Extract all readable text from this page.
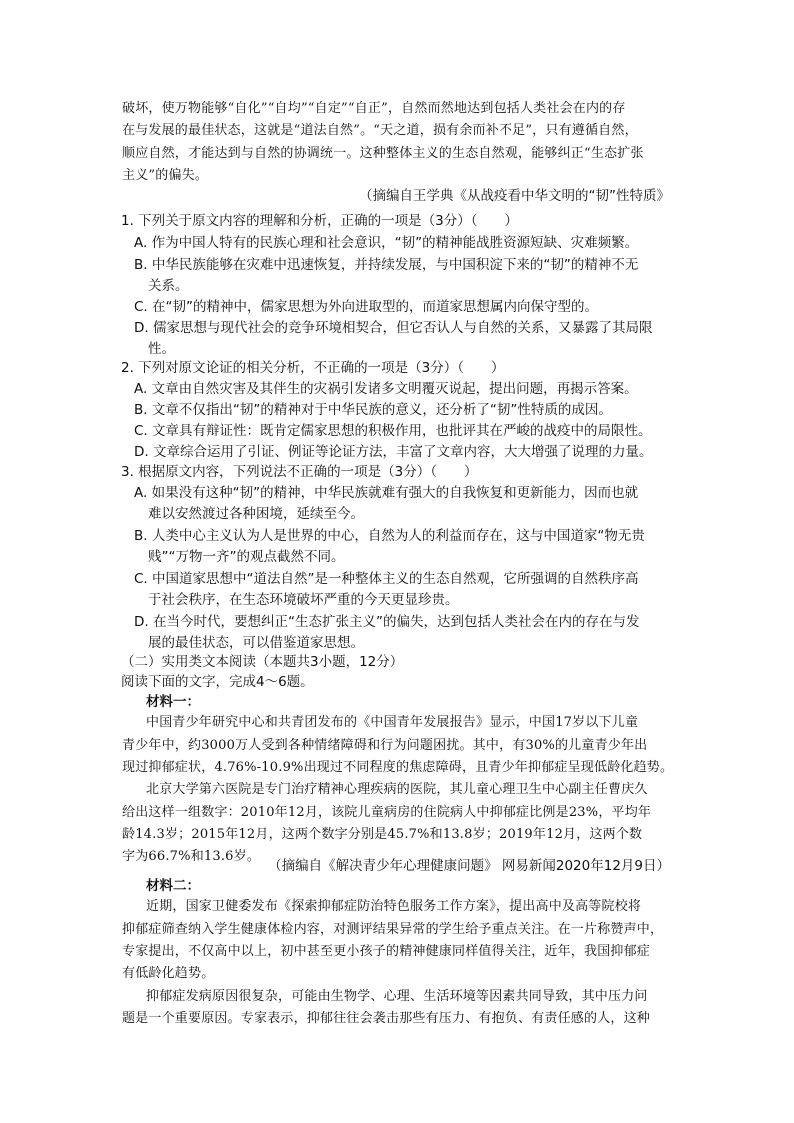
破坏，使万物能够“自化”“自均”“自定”“自正”，自然而然地达到包括人类社会在内的存
在与发展的最佳状态，这就是“道法自然”。“天之道，损有余而补不足”，只有遵循自然，
顺应自然，才能达到与自然的协调统一。这种整体主义的生态自然观，能够纠正“生态扩张
主义”的偏失。
（摘编自王学典《从战疫看中华文明的“韧”性特质》
1. 下列关于原文内容的理解和分析，正确的一项是（3分）（　　）
A. 作为中国人特有的民族心理和社会意识，“韧”的精神能战胜资源短缺、灾难频繁。
B. 中华民族能够在灾难中迅速恢复，并持续发展，与中国积淀下来的“韧”的精神不无
关系。
C. 在“韧”的精神中，儒家思想为外向进取型的，而道家思想属内向保守型的。
D. 儒家思想与现代社会的竞争环境相契合，但它否认人与自然的关系，又暴露了其局限
性。
2. 下列对原文论证的相关分析，不正确的一项是（3分）（　　）
A. 文章由自然灾害及其伴生的灾祸引发诸多文明覆灭说起，提出问题，再揭示答案。
B. 文章不仅指出“韧”的精神对于中华民族的意义，还分析了“韧”性特质的成因。
C. 文章具有辩证性：既肯定儒家思想的积极作用，也批评其在严峻的战疫中的局限性。
D. 文章综合运用了引证、例证等论证方法，丰富了文章内容，大大增强了说理的力量。
3. 根据原文内容，下列说法不正确的一项是（3分）（　　）
A. 如果没有这种“韧”的精神，中华民族就难有强大的自我恢复和更新能力，因而也就
难以安然渡过各种困境，延续至今。
B. 人类中心主义认为人是世界的中心，自然为人的利益而存在，这与中国道家“物无贵
贱”“万物一齐”的观点截然不同。
C. 中国道家思想中“道法自然”是一种整体主义的生态自然观，它所强调的自然秩序高
于社会秩序，在生态环境破坏严重的今天更显珍贵。
D. 在当今时代，要想纠正“生态扩张主义”的偏失，达到包括人类社会在内的存在与发
展的最佳状态，可以借鉴道家思想。
（二）实用类文本阅读（本题共3小题，12分）
阅读下面的文字，完成4～6题。
材料一：
中国青少年研究中心和共青团发布的《中国青年发展报告》显示，中国17岁以下儿童
青少年中，约3000万人受到各种情绪障碍和行为问题困扰。其中，有30%的儿童青少年出
现过抑郁症状，4.76%-10.9%出现过不同程度的焦虑障碍，且青少年抑郁症呈现低龄化趋势。
北京大学第六医院是专门治疗精神心理疾病的医院，其儿童心理卫生中心副主任曹庆久
给出这样一组数字：2010年12月，该院儿童病房的住院病人中抑郁症比例是23%，平均年
龄14.3岁；2015年12月，这两个数字分别是45.7%和13.8岁；2019年12月，这两个数
字为66.7%和13.6岁。
（摘编自《解决青少年心理健康问题》 网易新闻2020年12月9日）
材料二：
近期，国家卫健委发布《探索抑郁症防治特色服务工作方案》，提出高中及高等院校将
抑郁症筛查纳入学生健康体检内容，对测评结果异常的学生给予重点关注。在一片称赞声中，
专家提出，不仅高中以上，初中甚至更小孩子的精神健康同样值得关注，近年，我国抑郁症
有低龄化趋势。
抑郁症发病原因很复杂，可能由生物学、心理、生活环境等因素共同导致，其中压力问
题是一个重要原因。专家表示，抑郁往往会袭击那些有压力、有抱负、有责任感的人，这种
